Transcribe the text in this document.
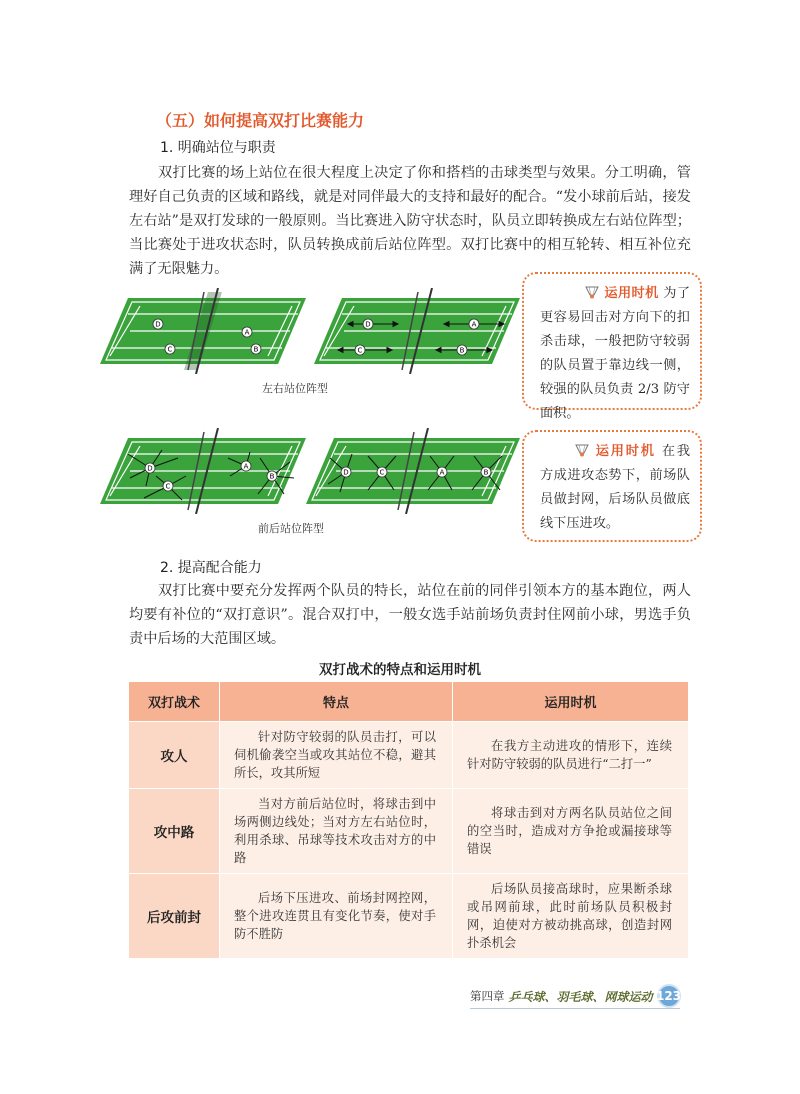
（五）如何提高双打比赛能力
1. 明确站位与职责
双打比赛的场上站位在很大程度上决定了你和搭档的击球类型与效果。分工明确，管理好自己负责的区域和路线，就是对同伴最大的支持和最好的配合。“发小球前后站，接发左右站”是双打发球的一般原则。当比赛进入防守状态时，队员立即转换成左右站位阵型；当比赛处于进攻状态时，队员转换成前后站位阵型。双打比赛中的相互轮转、相互补位充满了无限魅力。
D
C
A
B
D
C
A
B
左右站位阵型
D
C
A
B	D	C	A	B
前后站位阵型
运用时机 为了更容易回击对方向下的扣杀击球，一般把防守较弱的队员置于靠边线一侧，较强的队员负责 2/3 防守面积。
运用时机 在我方成进攻态势下，前场队员做封网，后场队员做底线下压进攻。
2. 提高配合能力
双打比赛中要充分发挥两个队员的特长，站位在前的同伴引领本方的基本跑位，两人均要有补位的“双打意识”。混合双打中，一般女选手站前场负责封住网前小球，男选手负责中后场的大范围区域。
双打战术的特点和运用时机
双打战术	特点	运用时机
攻人	针对防守较弱的队员击打，可以伺机偷袭空当或攻其站位不稳，避其所长，攻其所短	在我方主动进攻的情形下，连续针对防守较弱的队员进行“二打一”
攻中路	当对方前后站位时，将球击到中场两侧边线处；当对方左右站位时，利用杀球、吊球等技术攻击对方的中路	将球击到对方两名队员站位之间的空当时，造成对方争抢或漏接球等错误
后攻前封	后场下压进攻、前场封网控网，整个进攻连贯且有变化节奏，使对手防不胜防	后场队员接高球时，应果断杀球或吊网前球，此时前场队员积极封网，迫使对方被动挑高球，创造封网扑杀机会
第四章 乒乓球、羽毛球、网球运动 123
